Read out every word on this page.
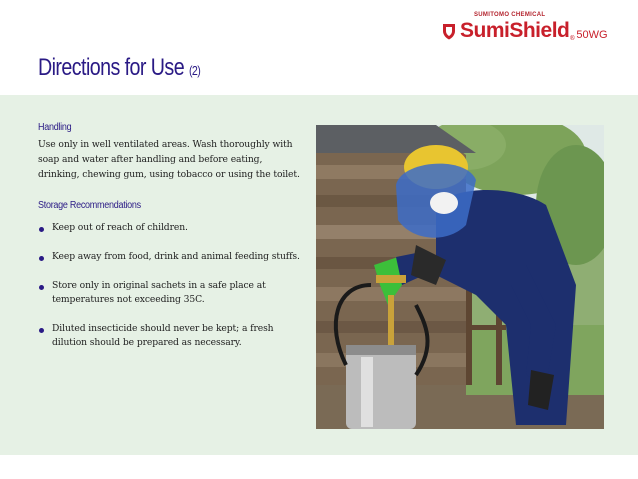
SUMITOMO CHEMICAL
SumiShield ® 50WG
Directions for Use (2)
Handling

Use only in well ventilated areas. Wash thoroughly with soap and water after handling and before eating, drinking, chewing gum, using tobacco or using the toilet.

Storage Recommendations
Keep out of reach of children.
Keep away from food, drink and animal feeding stuffs.
Store only in original sachets in a safe place at temperatures not exceeding 35C.
Diluted insecticide should never be kept; a fresh dilution should be prepared as necessary.
